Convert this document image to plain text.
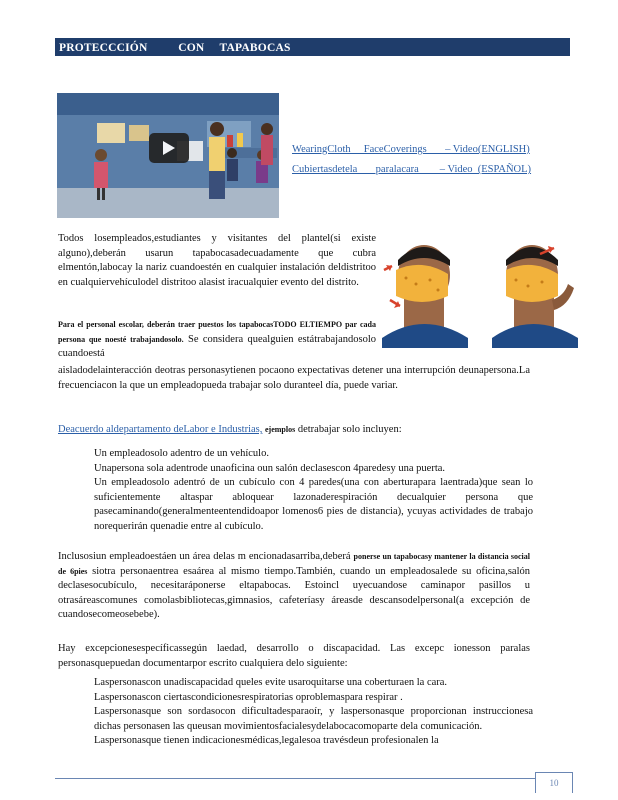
PROTECCCIÓN          CON     TAPABOCAS
WearingCloth     FaceCoverings       – Video(ENGLISH)
Cubiertasdetela       paralacara        – Video  (ESPAÑOL)
Todos losempleados,estudiantes y visitantes del plantel(si existe alguno),deberán usarun tapabocasadecuadamente que cubra elmentón,labocay la nariz cuandoestén en cualquier instalación deldistritoo en cualquiervehículodel distritoo alasist iracualquier evento del distrito.
Para el personal escolar, deberán traer puestos los tapabocasTODO ELTIEMPO par cada persona que noesté trabajandosolo. Se considera quealguien estátrabajandosolo cuandoestá
aisladodelainteracción deotras personasytienen pocaono expectativas detener una interrupción deunapersona.La frecuenciacon la que un empleadopueda trabajar solo duranteel día, puede variar.
Deacuerdo aldepartamento deLabor e Industrias, ejemplos detrabajar solo incluyen:
Un empleadosolo adentro de un vehículo.
Unapersona sola adentrode unaoficina oun salón declasescon 4paredesy una puerta.
Un empleadosolo adentró de un cubículo con 4 paredes(una con aberturapara laentrada)que sean lo suficientemente altaspar abloquear lazonaderespiración decualquier persona que pasecaminando(generalmenteentendidoapor lomenos6 pies de distancia), ycuyas actividades de trabajo norequerirán quenadie entre al cubículo.
Inclusosiun empleadoestáen un área delas m encionadasarriba,deberá ponerse un tapabocasy mantener la distancia social de 6pies siotra personaentrea esaárea al mismo tiempo.También, cuando un empleadosalede su oficina,salón declasesocubículo, necesitaráponerse eltapabocas. Estoincl uyecuandose caminapor pasillos u otrasáreascomunes comolasbibliotecas,gimnasios, cafeteríasy áreasde descansodelpersonal(a excepción de cuandosecomeosebebe).
Hay excepcionesespecíficassegún laedad, desarrollo o discapacidad. Las excepc ionesson paralas personasquepuedan documentarpor escrito cualquiera delo siguiente:
Laspersonascon unadiscapacidad queles evite usaroquitarse una coberturaen la cara.
Laspersonascon ciertascondicionesrespiratorias oproblemaspara respirar .
Laspersonasque son sordasocon dificultadesparaoír, y laspersonasque proporcionan instruccionesa dichas personasen las queusan movimientosfacialesydelabocacomoparte dela comunicación.
Laspersonasque tienen indicacionesmédicas,legalesoa travésdeun profesionalen la
10
